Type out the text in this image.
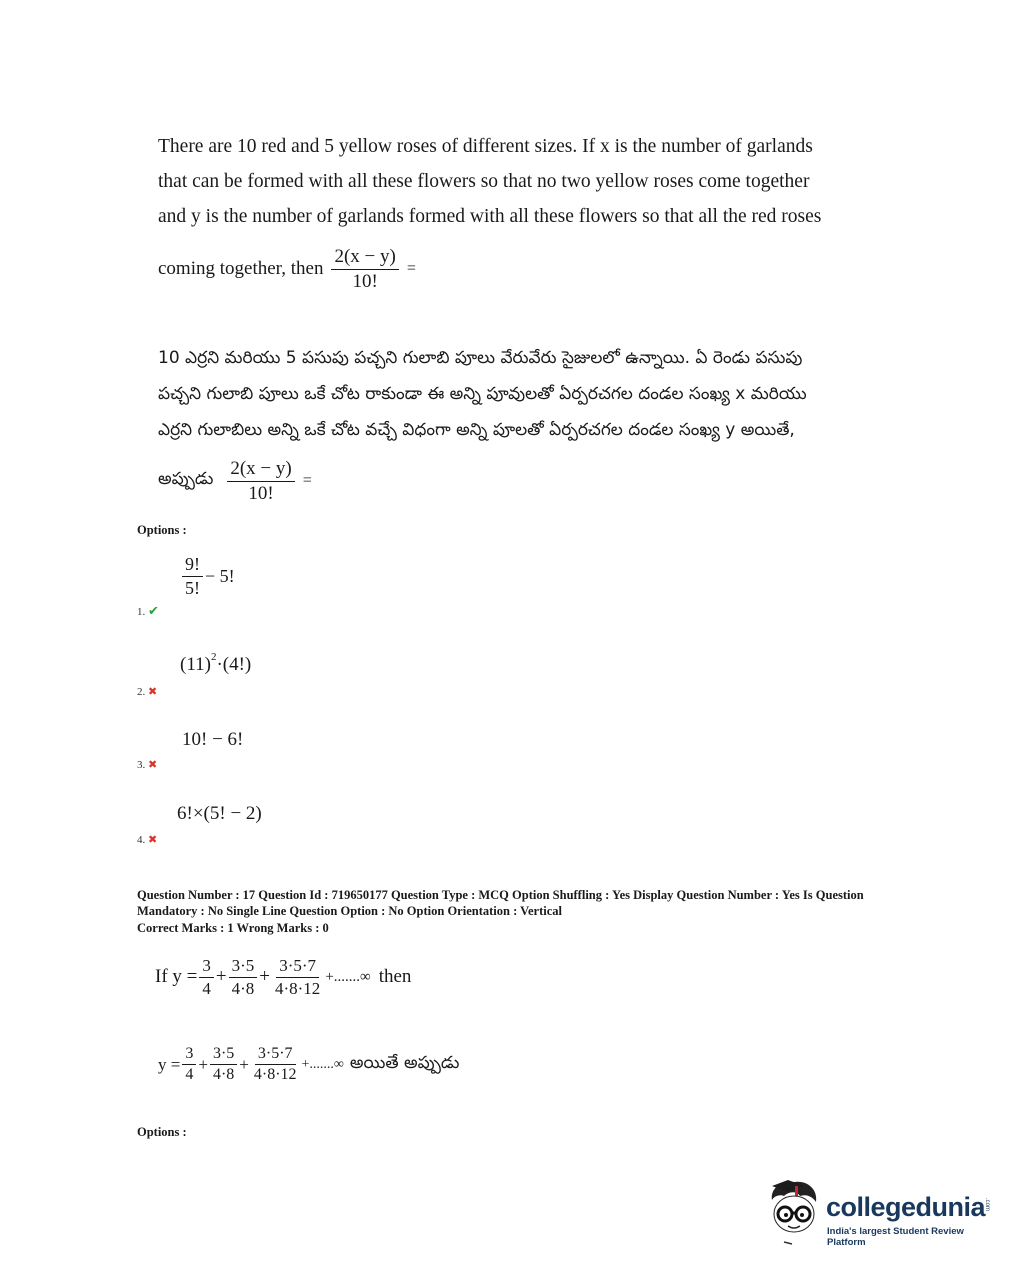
There are 10 red and 5 yellow roses of different sizes. If x is the number of garlands
that can be formed with all these flowers so that no two yellow roses come together
and y is the number of garlands formed with all these flowers so that all the red roses
coming together, then $\frac{2(x - y)}{10!}$ =
10 ఎర్రని మరియు 5 పసుపు పచ్చని గులాబి పూలు వేరువేరు సైజులలో ఉన్నాయి. ఏ రెండు పసుపు
పచ్చని గులాబి పూలు ఒకే చోట రాకుండా ఈ అన్ని పూవులతో ఏర్పరచగల దండల సంఖ్య x మరియు
ఎర్రని గులాబిలు అన్ని ఒకే చోట వచ్చే విధంగా అన్ని పూలతో ఏర్పరచగల దండల సంఖ్య y అయితే,
అప్పుడు $\frac{2(x - y)}{10!}$ =
Options :
$\frac{9!}{5!} - 5$!
1. ✔
$(11)^2 \cdot(4!)$
2. ✖
10! − 6!
3. ✖
6!×(5! − 2)
4. ✖
Question Number : 17 Question Id : 719650177 Question Type : MCQ Option Shuffling : Yes Display Question Number : Yes Is Question
Mandatory : No Single Line Question Option : No Option Orientation : Vertical
Correct Marks : 1 Wrong Marks : 0
If $y = \frac{3}{4} + \frac{3\cdot 5}{4\cdot 8} + \frac{3\cdot 5\cdot 7}{4\cdot 8\cdot 12}$ +.......∞ then
$y = \frac{3}{4} + \frac{3\cdot 5}{4\cdot 8} + \frac{3\cdot 5\cdot 7}{4\cdot 8\cdot 12}$ +.......∞ అయితే అప్పుడు
Options :
collegedunia
.com
India's largest Student Review Platform
